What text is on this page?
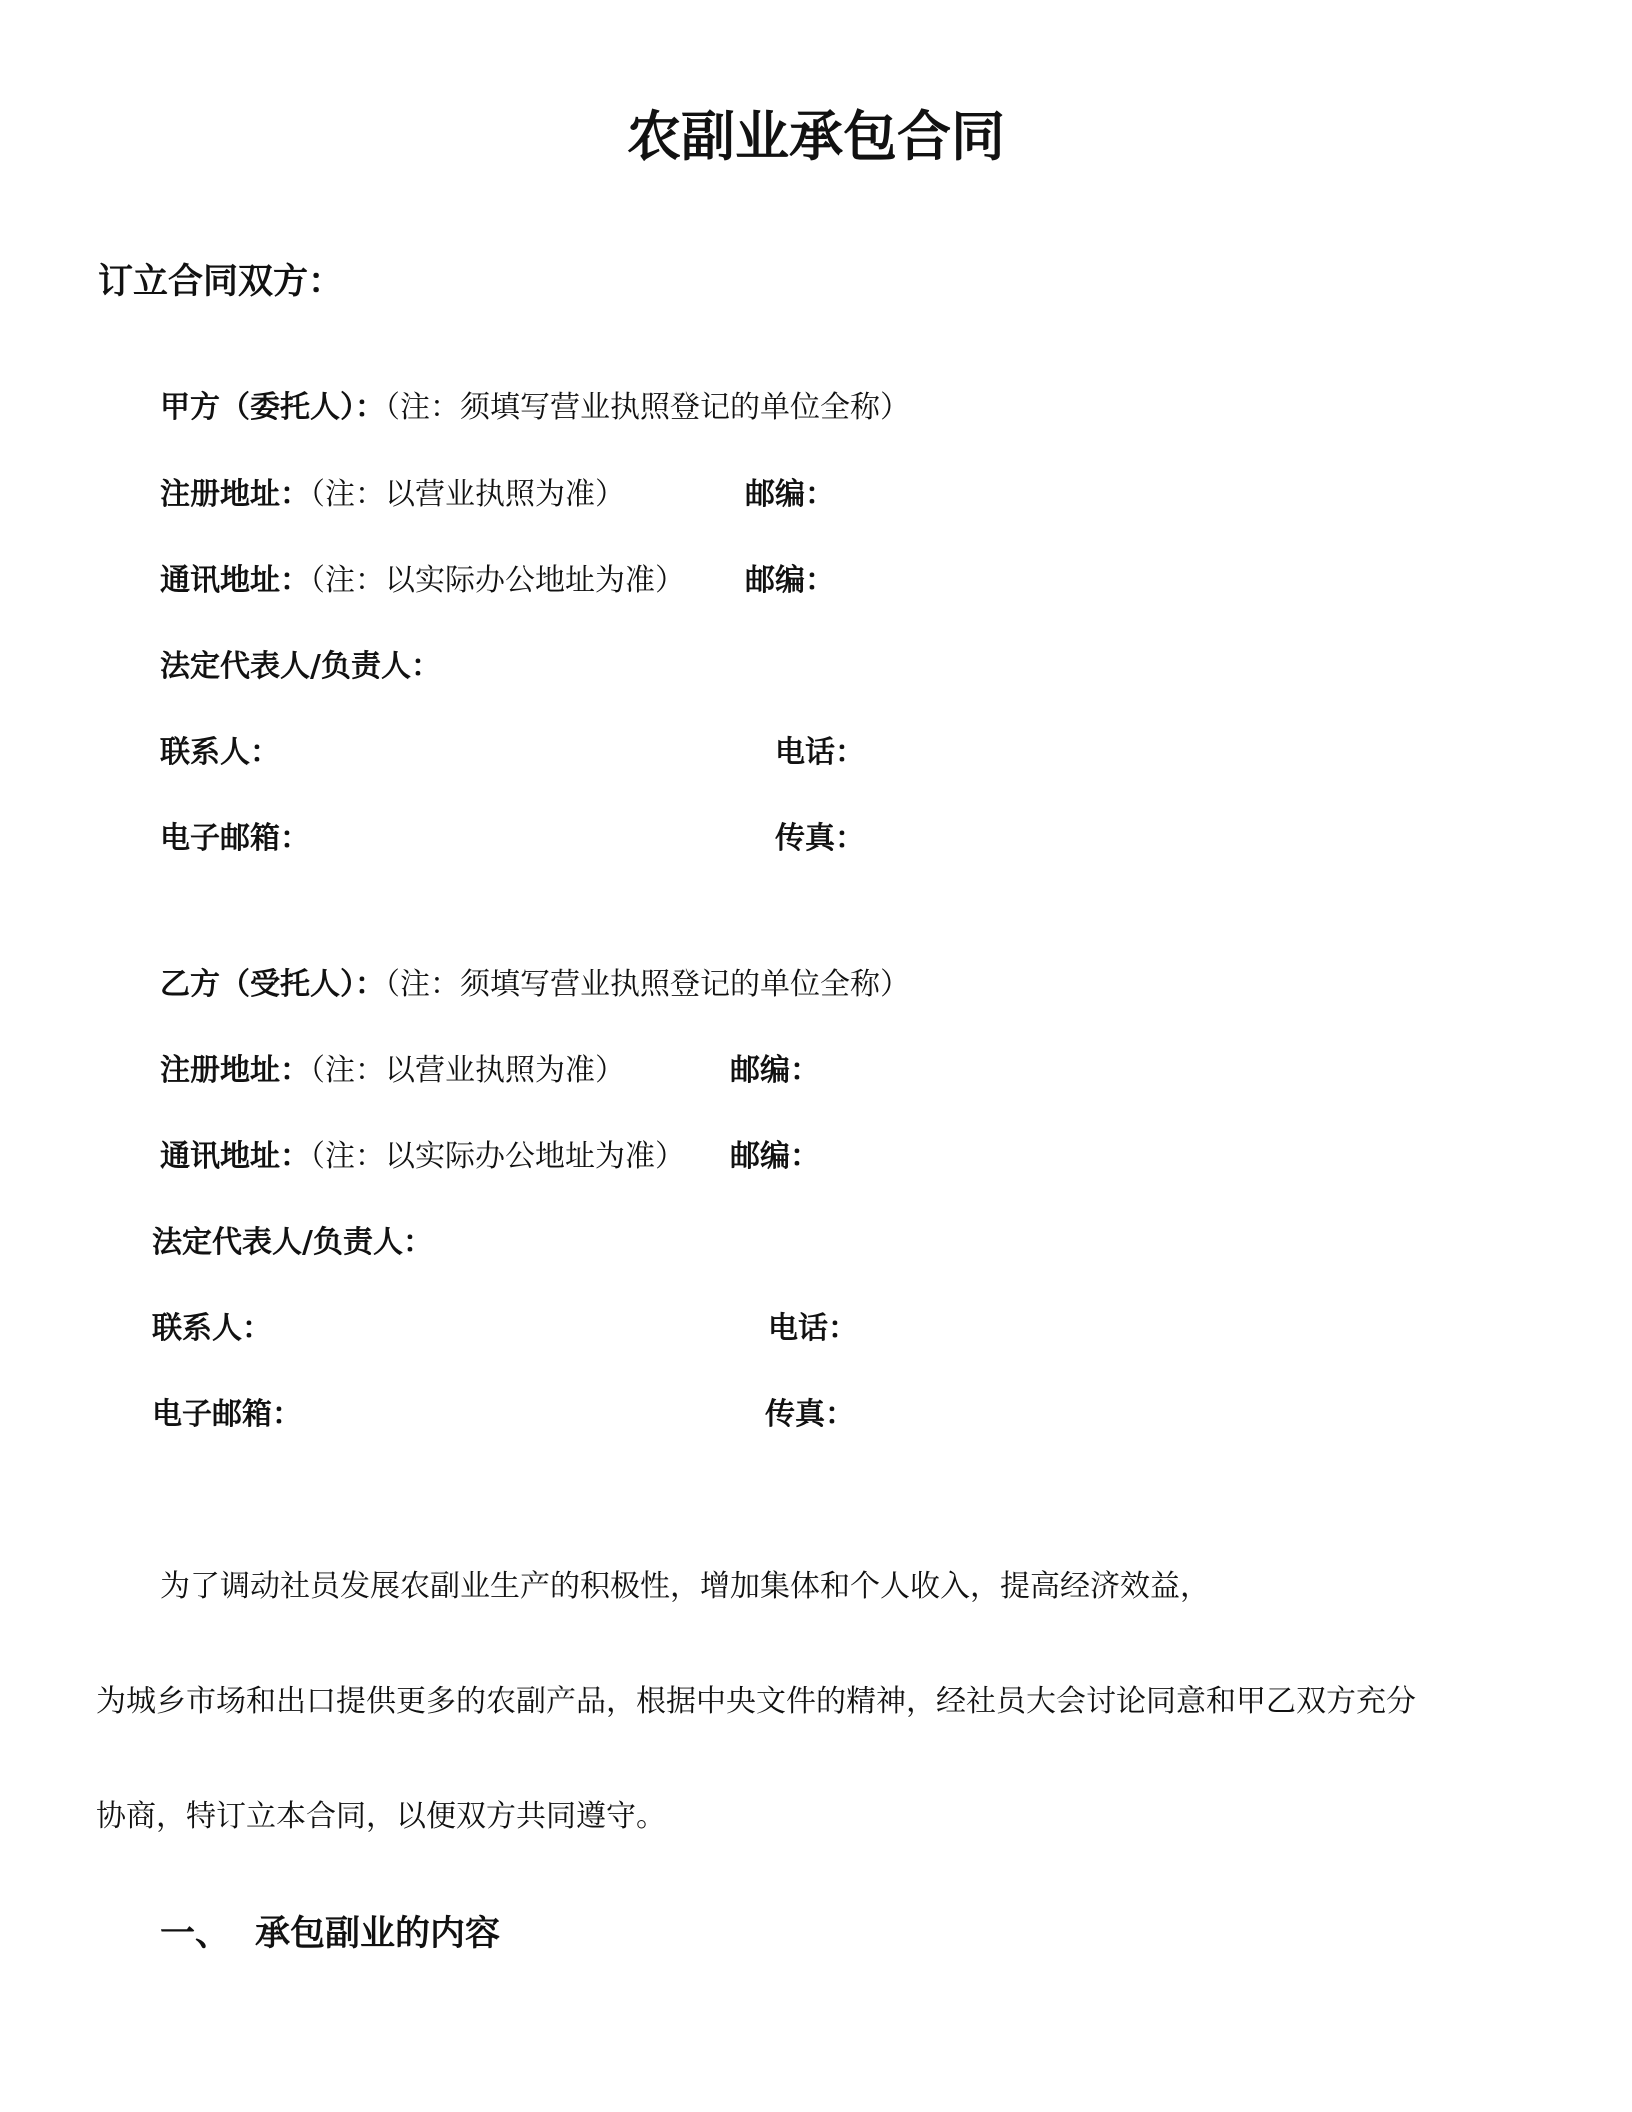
农副业承包合同
订立合同双方：
甲方（委托人）：（注：须填写营业执照登记的单位全称）
注册地址：（注：以营业执照为准）	邮编：
通讯地址：（注：以实际办公地址为准） 邮编：
法定代表人/负责人：
联系人：	电话：
电子邮箱：	传真：
乙方（受托人）：（注：须填写营业执照登记的单位全称）
注册地址：（注：以营业执照为准）	邮编：
通讯地址：（注：以实际办公地址为准） 邮编：
法定代表人/负责人：
联系人：	电话：
电子邮箱：	传真：
为了调动社员发展农副业生产的积极性，增加集体和个人收入，提高经济效益，
为城乡市场和出口提供更多的农副产品，根据中央文件的精神，经社员大会讨论同意和甲乙双方充分
协商，特订立本合同，以便双方共同遵守。
一、 承包副业的内容
